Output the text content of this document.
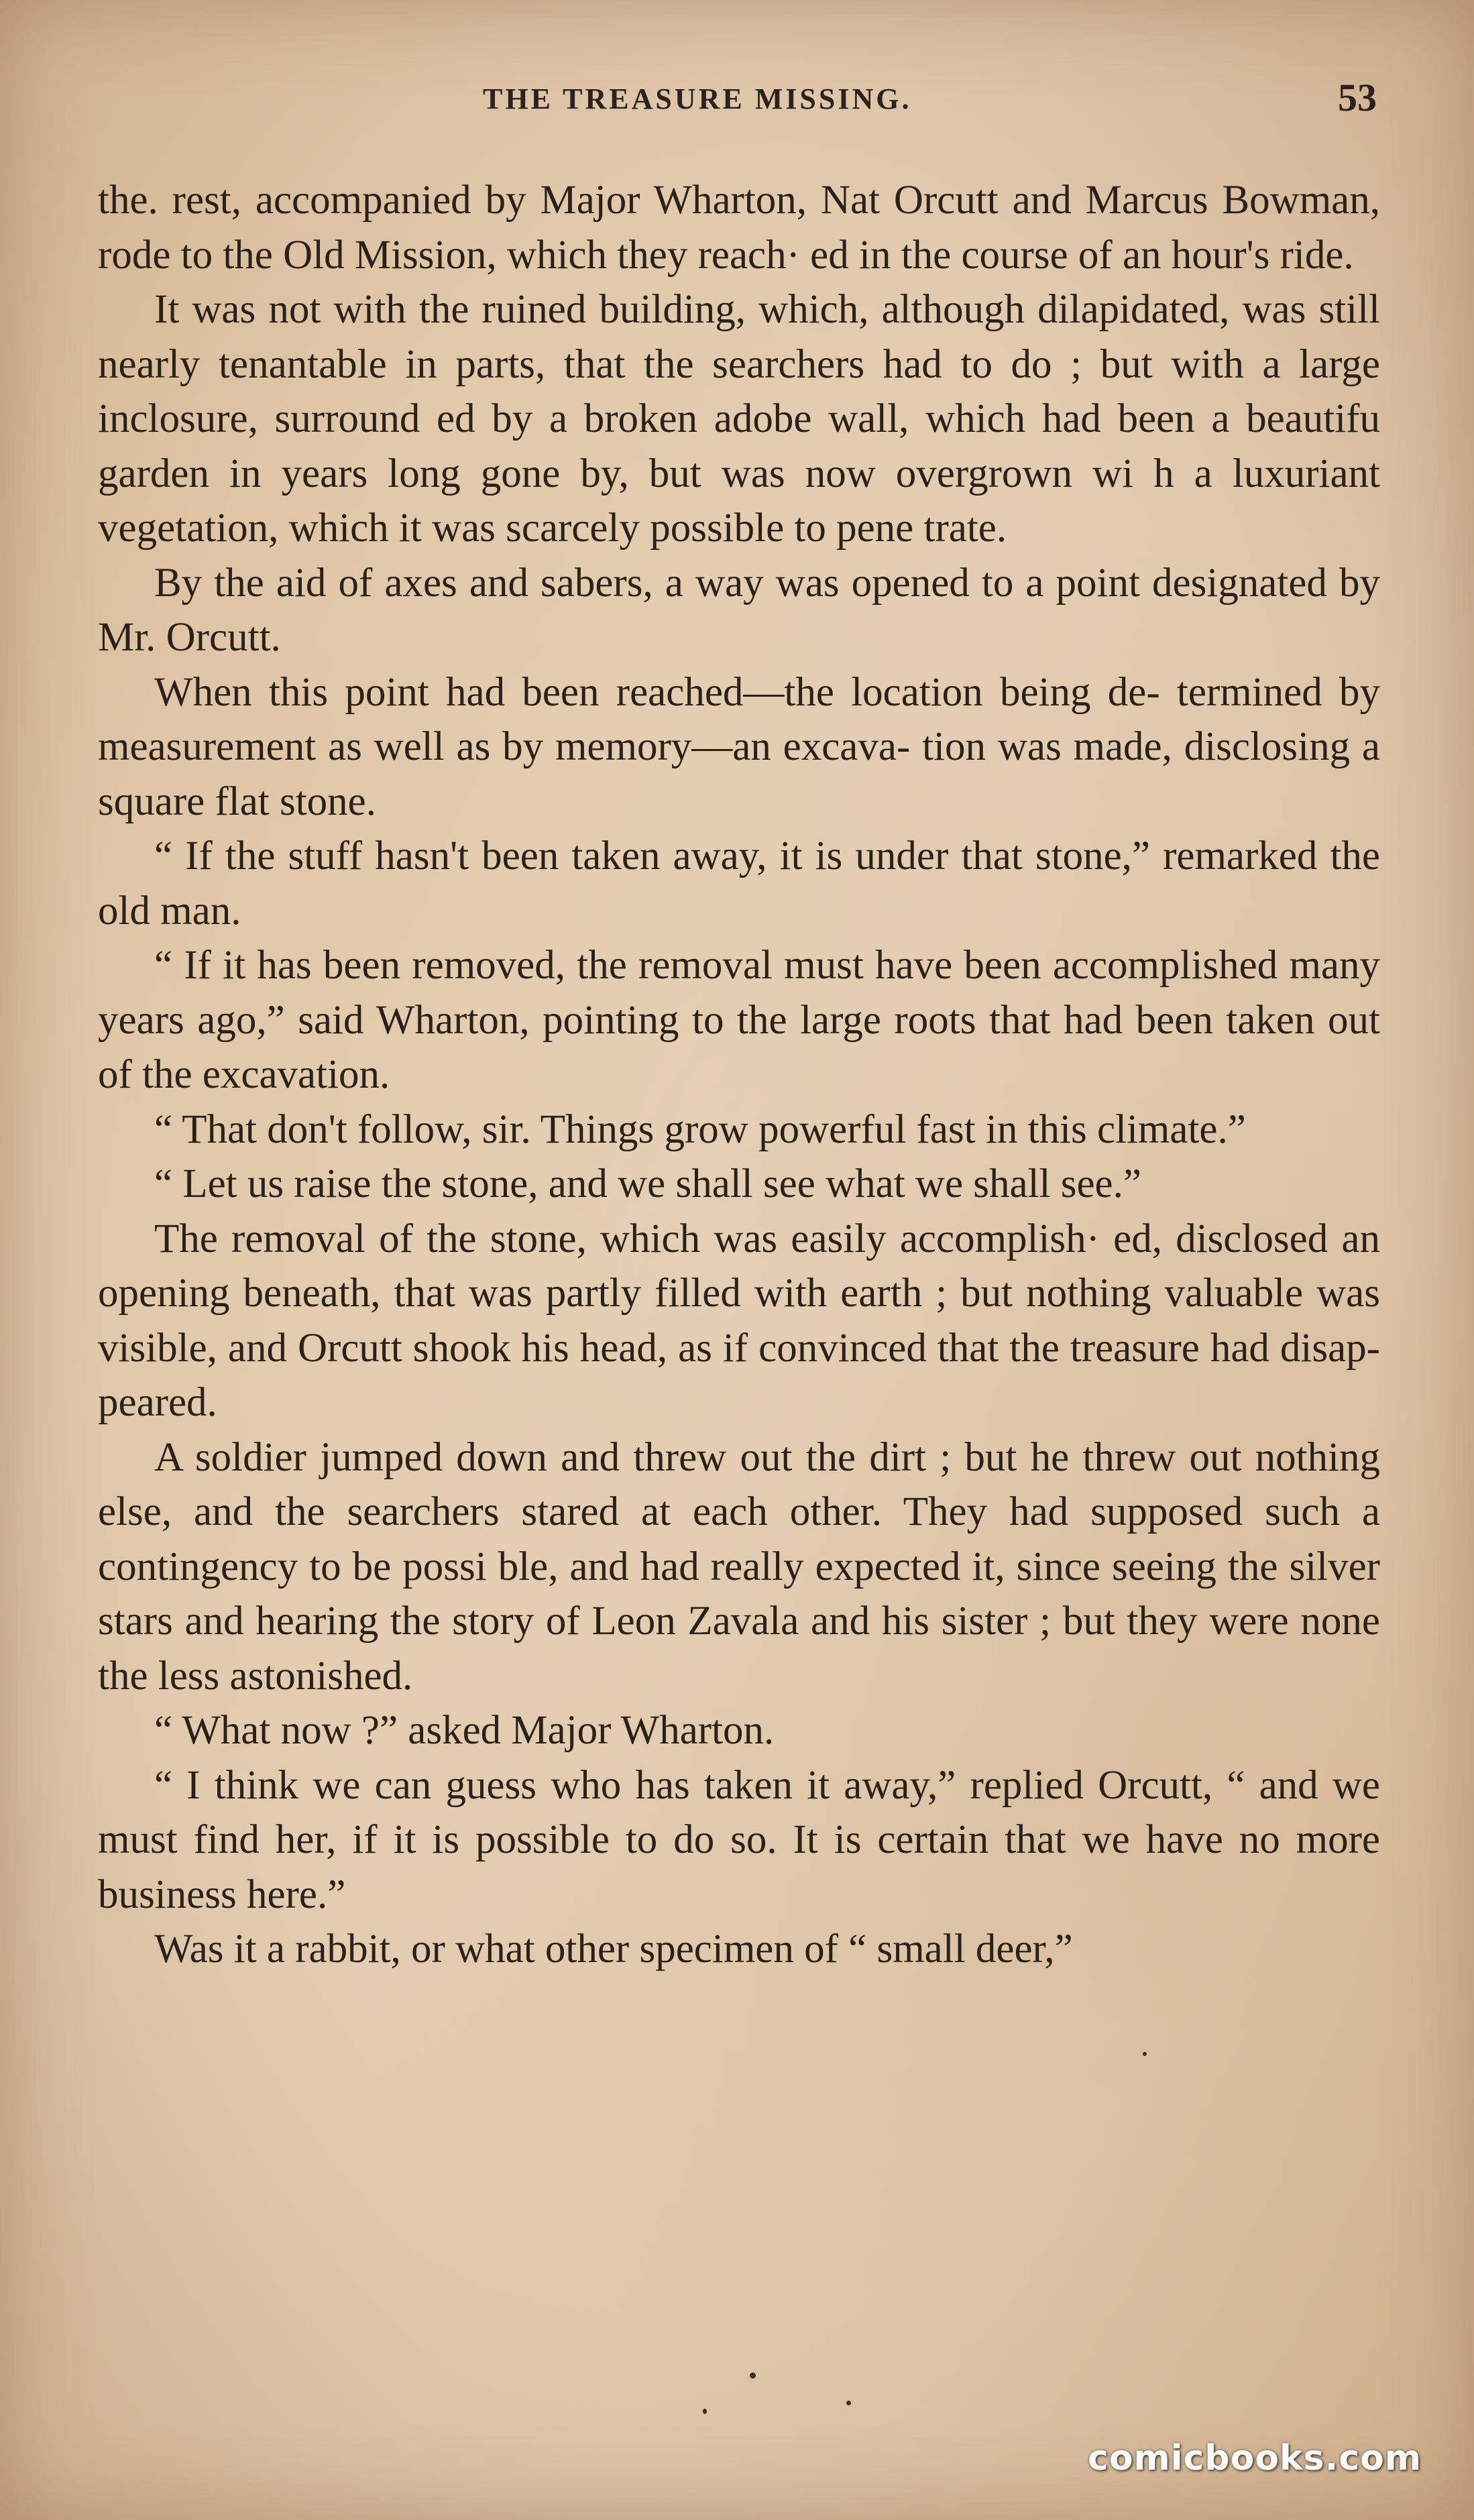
THE TREASURE MISSING.	53

the. rest, accompanied by Major Wharton, Nat Orcutt and Marcus Bowman, rode to the Old Mission, which they reach· ed in the course of an hour's ride.

It was not with the ruined building, which, although dilapidated, was still nearly tenantable in parts, that the searchers had to do ; but with a large inclosure, surround ed by a broken adobe wall, which had been a beautifu garden in years long gone by, but was now overgrown wi h a luxuriant vegetation, which it was scarcely possible to pene trate.

By the aid of axes and sabers, a way was opened to a point designated by Mr. Orcutt.

When this point had been reached—the location being de- termined by measurement as well as by memory—an excava- tion was made, disclosing a square flat stone.

“ If the stuff hasn't been taken away, it is under that stone,” remarked the old man.

“ If it has been removed, the removal must have been accomplished many years ago,” said Wharton, pointing to the large roots that had been taken out of the excavation.

“ That don't follow, sir. Things grow powerful fast in this climate.”

“ Let us raise the stone, and we shall see what we shall see.”

The removal of the stone, which was easily accomplish· ed, disclosed an opening beneath, that was partly filled with earth ; but nothing valuable was visible, and Orcutt shook his head, as if convinced that the treasure had disap- peared.

A soldier jumped down and threw out the dirt ; but he threw out nothing else, and the searchers stared at each other. They had supposed such a contingency to be possi ble, and had really expected it, since seeing the silver stars and hearing the story of Leon Zavala and his sister ; but they were none the less astonished.

“ What now ?” asked Major Wharton.

“ I think we can guess who has taken it away,” replied Orcutt, “ and we must find her, if it is possible to do so. It is certain that we have no more business here.”

Was it a rabbit, or what other specimen of “ small deer,”

comicbooks.com
